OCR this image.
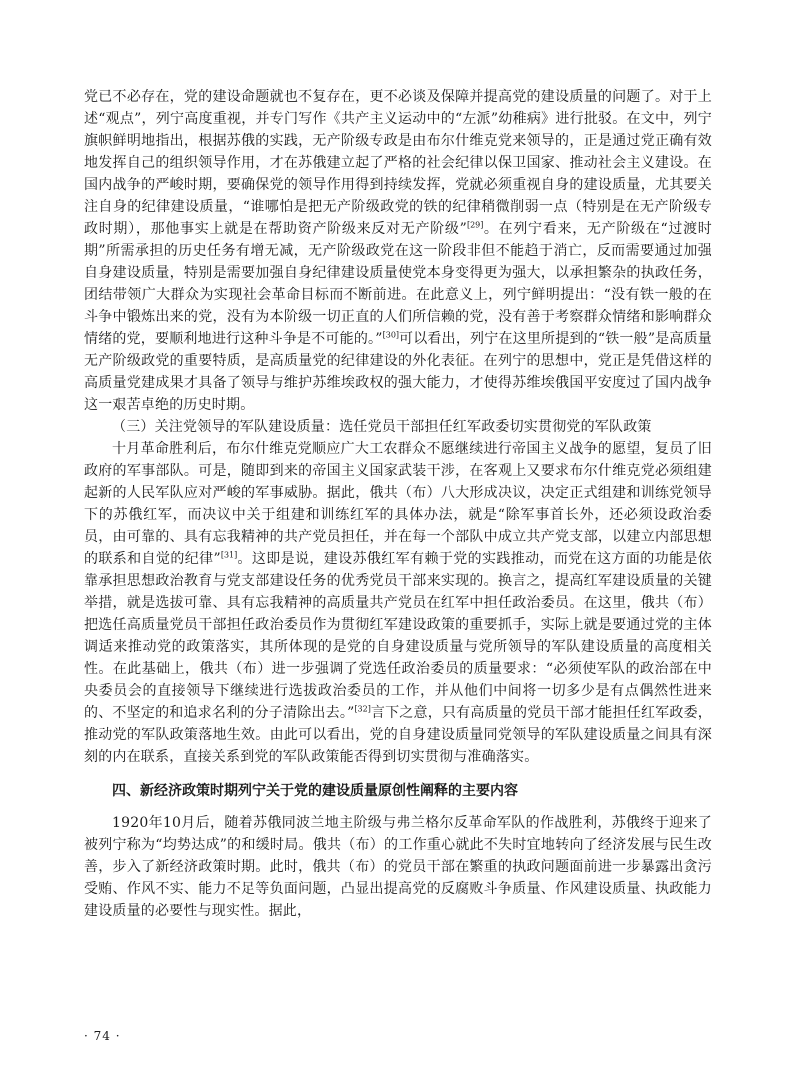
党已不必存在，党的建设命题就也不复存在，更不必谈及保障并提高党的建设质量的问题了。对于上述“观点”，列宁高度重视，并专门写作《共产主义运动中的“左派”幼稚病》进行批驳。在文中，列宁旗帜鲜明地指出，根据苏俄的实践，无产阶级专政是由布尔什维克党来领导的，正是通过党正确有效地发挥自己的组织领导作用，才在苏俄建立起了严格的社会纪律以保卫国家、推动社会主义建设。在国内战争的严峻时期，要确保党的领导作用得到持续发挥，党就必须重视自身的建设质量，尤其要关注自身的纪律建设质量，“谁哪怕是把无产阶级政党的铁的纪律稍微削弱一点（特别是在无产阶级专政时期），那他事实上就是在帮助资产阶级来反对无产阶级”[29]。在列宁看来，无产阶级在“过渡时期”所需承担的历史任务有增无减，无产阶级政党在这一阶段非但不能趋于消亡，反而需要通过加强自身建设质量，特别是需要加强自身纪律建设质量使党本身变得更为强大，以承担繁杂的执政任务，团结带领广大群众为实现社会革命目标而不断前进。在此意义上，列宁鲜明提出：“没有铁一般的在斗争中锻炼出来的党，没有为本阶级一切正直的人们所信赖的党，没有善于考察群众情绪和影响群众情绪的党，要顺利地进行这种斗争是不可能的。”[30]可以看出，列宁在这里所提到的“铁一般”是高质量无产阶级政党的重要特质，是高质量党的纪律建设的外化表征。在列宁的思想中，党正是凭借这样的高质量党建成果才具备了领导与维护苏维埃政权的强大能力，才使得苏维埃俄国平安度过了国内战争这一艰苦卓绝的历史时期。

（三）关注党领导的军队建设质量：选任党员干部担任红军政委切实贯彻党的军队政策

十月革命胜利后，布尔什维克党顺应广大工农群众不愿继续进行帝国主义战争的愿望，复员了旧政府的军事部队。可是，随即到来的帝国主义国家武装干涉，在客观上又要求布尔什维克党必须组建起新的人民军队应对严峻的军事威胁。据此，俄共（布）八大形成决议，决定正式组建和训练党领导下的苏俄红军，而决议中关于组建和训练红军的具体办法，就是“除军事首长外，还必须设政治委员，由可靠的、具有忘我精神的共产党员担任，并在每一个部队中成立共产党支部，以建立内部思想的联系和自觉的纪律”[31]。这即是说，建设苏俄红军有赖于党的实践推动，而党在这方面的功能是依靠承担思想政治教育与党支部建设任务的优秀党员干部来实现的。换言之，提高红军建设质量的关键举措，就是选拔可靠、具有忘我精神的高质量共产党员在红军中担任政治委员。在这里，俄共（布）把选任高质量党员干部担任政治委员作为贯彻红军建设政策的重要抓手，实际上就是要通过党的主体调适来推动党的政策落实，其所体现的是党的自身建设质量与党所领导的军队建设质量的高度相关性。在此基础上，俄共（布）进一步强调了党选任政治委员的质量要求：“必须使军队的政治部在中央委员会的直接领导下继续进行选拔政治委员的工作，并从他们中间将一切多少是有点偶然性进来的、不坚定的和追求名利的分子清除出去。”[32]言下之意，只有高质量的党员干部才能担任红军政委，推动党的军队政策落地生效。由此可以看出，党的自身建设质量同党领导的军队建设质量之间具有深刻的内在联系，直接关系到党的军队政策能否得到切实贯彻与准确落实。

四、新经济政策时期列宁关于党的建设质量原创性阐释的主要内容

1920年10月后，随着苏俄同波兰地主阶级与弗兰格尔反革命军队的作战胜利，苏俄终于迎来了被列宁称为“均势达成”的和缓时局。俄共（布）的工作重心就此不失时宜地转向了经济发展与民生改善，步入了新经济政策时期。此时，俄共（布）的党员干部在繁重的执政问题面前进一步暴露出贪污受贿、作风不实、能力不足等负面问题，凸显出提高党的反腐败斗争质量、作风建设质量、执政能力建设质量的必要性与现实性。据此，

· 74 ·
